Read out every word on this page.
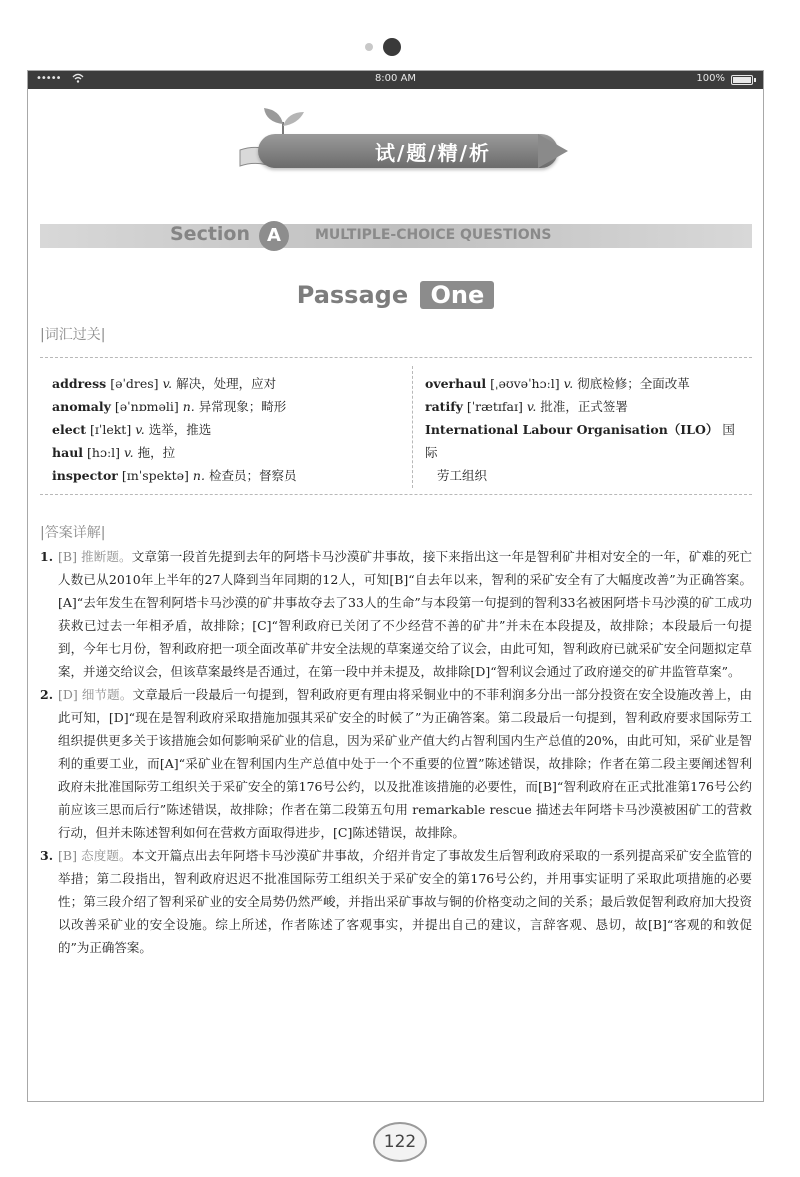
•••••	8:00 AM	100%
试/题/精/析
Section A	MULTIPLE-CHOICE QUESTIONS
Passage One
|词汇过关|
address [əˈdres] v. 解决，处理，应对
anomaly [əˈnɒməli] n. 异常现象；畸形
elect [ɪˈlekt] v. 选举，推选
haul [hɔːl] v. 拖，拉
inspector [ɪnˈspektə] n. 检查员；督察员
overhaul [ˌəʊvəˈhɔːl] v. 彻底检修；全面改革
ratify [ˈrætɪfaɪ] v. 批准，正式签署
International Labour Organisation（ILO） 国际
劳工组织
|答案详解|
1. [B] 推断题。文章第一段首先提到去年的阿塔卡马沙漠矿井事故，接下来指出这一年是智利矿井相对安全的一年，矿难的死亡人数已从2010年上半年的27人降到当年同期的12人，可知[B]“自去年以来，智利的采矿安全有了大幅度改善”为正确答案。[A]“去年发生在智利阿塔卡马沙漠的矿井事故夺去了33人的生命”与本段第一句提到的智利33名被困阿塔卡马沙漠的矿工成功获救已过去一年相矛盾，故排除；[C]“智利政府已关闭了不少经营不善的矿井”并未在本段提及，故排除；本段最后一句提到，今年七月份，智利政府把一项全面改革矿井安全法规的草案递交给了议会，由此可知，智利政府已就采矿安全问题拟定草案，并递交给议会，但该草案最终是否通过，在第一段中并未提及，故排除[D]“智利议会通过了政府递交的矿井监管草案”。
2. [D] 细节题。文章最后一段最后一句提到，智利政府更有理由将采铜业中的不菲利润多分出一部分投资在安全设施改善上，由此可知，[D]“现在是智利政府采取措施加强其采矿安全的时候了”为正确答案。第二段最后一句提到，智利政府要求国际劳工组织提供更多关于该措施会如何影响采矿业的信息，因为采矿业产值大约占智利国内生产总值的20%，由此可知，采矿业是智利的重要工业，而[A]“采矿业在智利国内生产总值中处于一个不重要的位置”陈述错误，故排除；作者在第二段主要阐述智利政府未批准国际劳工组织关于采矿安全的第176号公约，以及批准该措施的必要性，而[B]“智利政府在正式批准第176号公约前应该三思而后行”陈述错误，故排除；作者在第二段第五句用 remarkable rescue 描述去年阿塔卡马沙漠被困矿工的营救行动，但并未陈述智利如何在营救方面取得进步，[C]陈述错误，故排除。
3. [B] 态度题。本文开篇点出去年阿塔卡马沙漠矿井事故，介绍并肯定了事故发生后智利政府采取的一系列提高采矿安全监管的举措；第二段指出，智利政府迟迟不批准国际劳工组织关于采矿安全的第176号公约，并用事实证明了采取此项措施的必要性；第三段介绍了智利采矿业的安全局势仍然严峻，并指出采矿事故与铜的价格变动之间的关系；最后敦促智利政府加大投资以改善采矿业的安全设施。综上所述，作者陈述了客观事实，并提出自己的建议，言辞客观、恳切，故[B]“客观的和敦促的”为正确答案。
122
